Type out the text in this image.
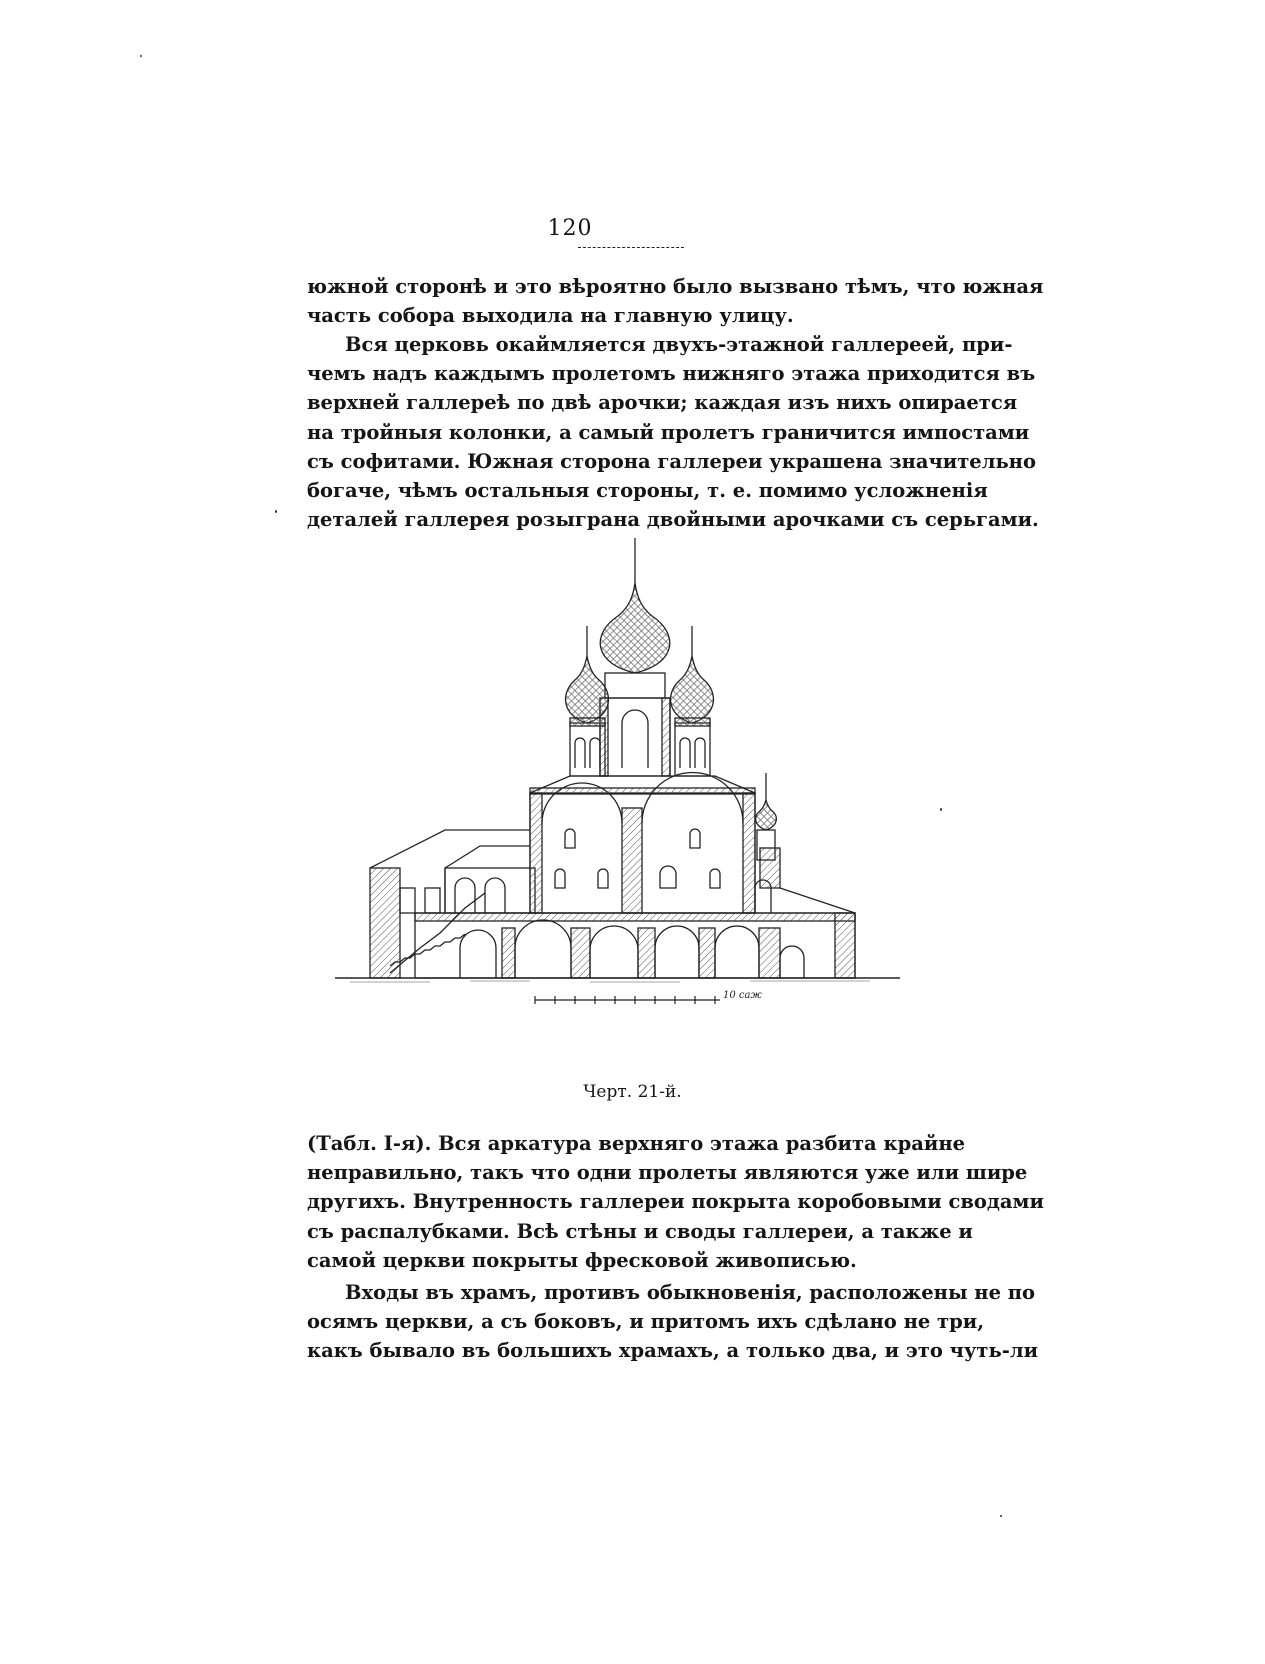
120
южной сторонѣ и это вѣроятно было вызвано тѣмъ, что южная
часть собора выходила на главную улицу.
Вся церковь окаймляется двухъ-этажной галлереей, при-
чемъ надъ каждымъ пролетомъ нижняго этажа приходится въ
верхней галлереѣ по двѣ арочки; каждая изъ нихъ опирается
на тройныя колонки, а самый пролетъ граничится импостами
съ софитами. Южная сторона галлереи украшена значительно
богаче, чѣмъ остальныя стороны, т. е. помимо усложненія
деталей галлерея розыграна двойными арочками съ серьгами.
10 саж
Черт. 21-й.
(Табл. I-я). Вся аркатура верхняго этажа разбита крайне
неправильно, такъ что одни пролеты являются уже или шире
другихъ. Внутренность галлереи покрыта коробовыми сводами
съ распалубками. Всѣ стѣны и своды галлереи, а также и
самой церкви покрыты фресковой живописью.
Входы въ храмъ, противъ обыкновенія, расположены не по
осямъ церкви, а съ боковъ, и притомъ ихъ сдѣлано не три,
какъ бывало въ большихъ храмахъ, а только два, и это чуть-ли
